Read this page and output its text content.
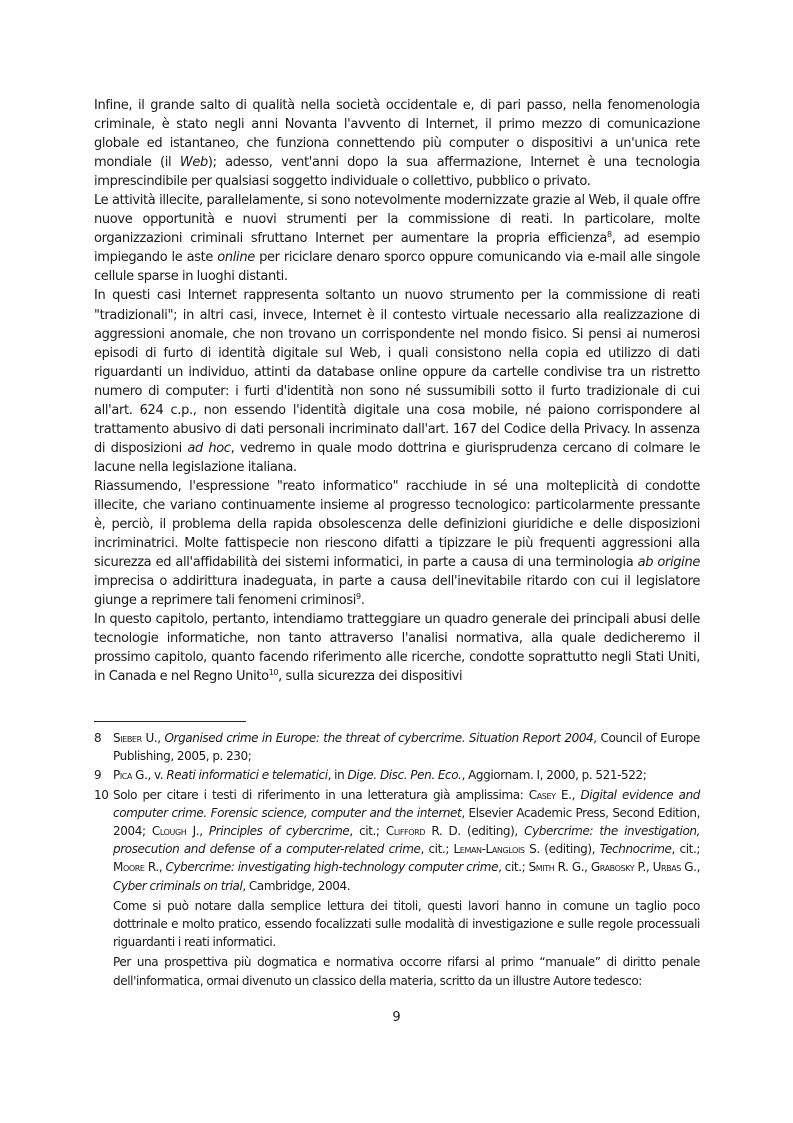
Infine, il grande salto di qualità nella società occidentale e, di pari passo, nella fenomenologia criminale, è stato negli anni Novanta l'avvento di Internet, il primo mezzo di comunicazione globale ed istantaneo, che funziona connettendo più computer o dispositivi a un'unica rete mondiale (il Web); adesso, vent'anni dopo la sua affermazione, Internet è una tecnologia imprescindibile per qualsiasi soggetto individuale o collettivo, pubblico o privato.

Le attività illecite, parallelamente, si sono notevolmente modernizzate grazie al Web, il quale offre nuove opportunità e nuovi strumenti per la commissione di reati. In particolare, molte organizzazioni criminali sfruttano Internet per aumentare la propria efficienza$^8$, ad esempio impiegando le aste online per riciclare denaro sporco oppure comunicando via e-mail alle singole cellule sparse in luoghi distanti.

In questi casi Internet rappresenta soltanto un nuovo strumento per la commissione di reati "tradizionali"; in altri casi, invece, Internet è il contesto virtuale necessario alla realizzazione di aggressioni anomale, che non trovano un corrispondente nel mondo fisico. Si pensi ai numerosi episodi di furto di identità digitale sul Web, i quali consistono nella copia ed utilizzo di dati riguardanti un individuo, attinti da database online oppure da cartelle condivise tra un ristretto numero di computer: i furti d'identità non sono né sussumibili sotto il furto tradizionale di cui all'art. 624 c.p., non essendo l'identità digitale una cosa mobile, né paiono corrispondere al trattamento abusivo di dati personali incriminato dall'art. 167 del Codice della Privacy. In assenza di disposizioni ad hoc, vedremo in quale modo dottrina e giurisprudenza cercano di colmare le lacune nella legislazione italiana.

Riassumendo, l'espressione "reato informatico" racchiude in sé una molteplicità di condotte illecite, che variano continuamente insieme al progresso tecnologico: particolarmente pressante è, perciò, il problema della rapida obsolescenza delle definizioni giuridiche e delle disposizioni incriminatrici. Molte fattispecie non riescono difatti a tipizzare le più frequenti aggressioni alla sicurezza ed all'affidabilità dei sistemi informatici, in parte a causa di una terminologia ab origine imprecisa o addirittura inadeguata, in parte a causa dell'inevitabile ritardo con cui il legislatore giunge a reprimere tali fenomeni criminosi$^9$.

In questo capitolo, pertanto, intendiamo tratteggiare un quadro generale dei principali abusi delle tecnologie informatiche, non tanto attraverso l'analisi normativa, alla quale dedicheremo il prossimo capitolo, quanto facendo riferimento alle ricerche, condotte soprattutto negli Stati Uniti, in Canada e nel Regno Unito$^{10}$, sulla sicurezza dei dispositivi

8 Sieber U., Organised crime in Europe: the threat of cybercrime. Situation Report 2004, Council of Europe Publishing, 2005, p. 230;
9 Pica G., v. Reati informatici e telematici, in Dige. Disc. Pen. Eco., Aggiornam. I, 2000, p. 521-522;
10 Solo per citare i testi di riferimento in una letteratura già amplissima: Casey E., Digital evidence and computer crime. Forensic science, computer and the internet, Elsevier Academic Press, Second Edition, 2004; Clough J., Principles of cybercrime, cit.; Clifford R. D. (editing), Cybercrime: the investigation, prosecution and defense of a computer-related crime, cit.; Leman-Langlois S. (editing), Technocrime, cit.; Moore R., Cybercrime: investigating high-technology computer crime, cit.; Smith R. G., Grabosky P., Urbas G., Cyber criminals on trial, Cambridge, 2004.

Come si può notare dalla semplice lettura dei titoli, questi lavori hanno in comune un taglio poco dottrinale e molto pratico, essendo focalizzati sulle modalità di investigazione e sulle regole processuali riguardanti i reati informatici.

Per una prospettiva più dogmatica e normativa occorre rifarsi al primo “manuale” di diritto penale dell'informatica, ormai divenuto un classico della materia, scritto da un illustre Autore tedesco:

9
